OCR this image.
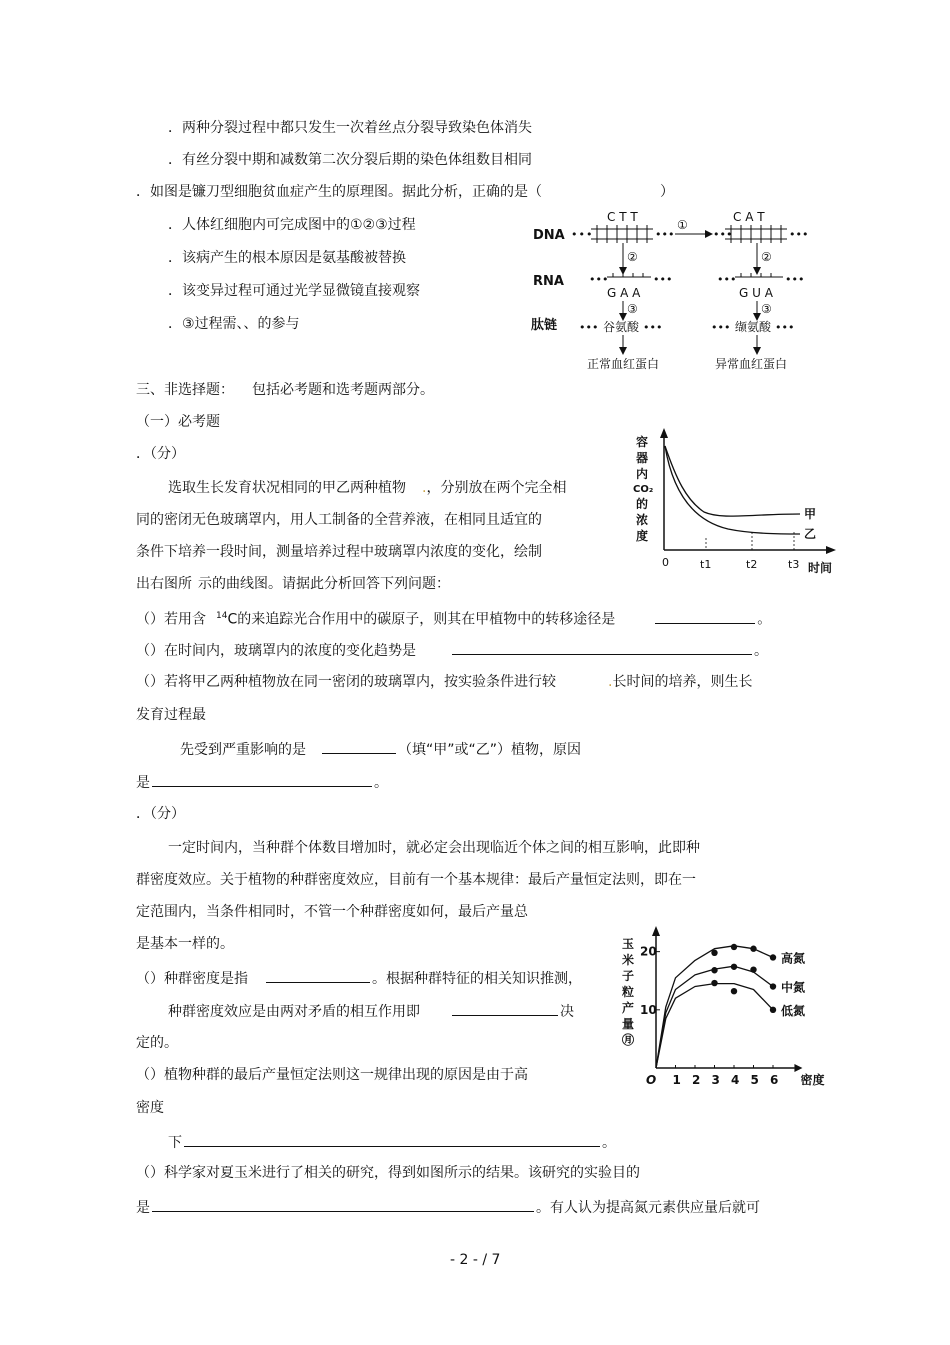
．两种分裂过程中都只发生一次着丝点分裂导致染色体消失
．有丝分裂中期和减数第二次分裂后期的染色体组数目相同
．如图是镰刀型细胞贫血症产生的原理图。据此分析，正确的是（	）
．人体红细胞内可完成图中的①②③过程
．该病产生的根本原因是氨基酸被替换
．该变异过程可通过光学显微镜直接观察
．③过程需、、的参与
DNA
RNA
肽链
•••
C T T
•••
①
•••
C A T
•••
②
•••	•••
G A A
③
••• 谷氨酸 •••
正常血红蛋白
②
•••	•••
G U A
③
••• 缬氨酸 •••
异常血红蛋白
三、非选择题： 包括必考题和选考题两部分。
（一）必考题
．（分）
选取生长发育状况相同的甲乙两种植物 .，分别放在两个完全相
同的密闭无色玻璃罩内，用人工制备的全营养液，在相同且适宜的
条件下培养一段时间，测量培养过程中玻璃罩内浓度的变化，绘制
出右图所 示的曲线图。请据此分析回答下列问题：
（）若用含 $^{14}$C的来追踪光合作用中的碳原子，则其在甲植物中的转移途径是	。
（）在时间内，玻璃罩内的浓度的变化趋势是	。
（）若将甲乙两种植物放在同一密闭的玻璃罩内，按实验条件进行较	.长时间的培养，则生长
发育过程最
先受到严重影响的是	（填“甲”或“乙”）植物，原因
是	。
容
器
内
CO₂
的
浓
度
0	时间
t1	t2	t3
甲
乙
．（分）
一定时间内，当种群个体数目增加时，就必定会出现临近个体之间的相互影响，此即种
群密度效应。关于植物的种群密度效应，目前有一个基本规律：最后产量恒定法则，即在一
定范围内，当条件相同时，不管一个种群密度如何，最后产量总
是基本一样的。
（）种群密度是指	。根据种群特征的相关知识推测，
种群密度效应是由两对矛盾的相互作用即	决
定的。
（）植物种群的最后产量恒定法则这一规律出现的原因是由于高
密度
下	。
（）科学家对夏玉米进行了相关的研究，得到如图所示的结果。该研究的实验目的
是	。有人认为提高氮元素供应量后就可
玉
米
子
粒
产
量
㊊
O 1 2 3 4 5 6 密度
10
20	高氮
中氮
低氮
- 2 - / 7
